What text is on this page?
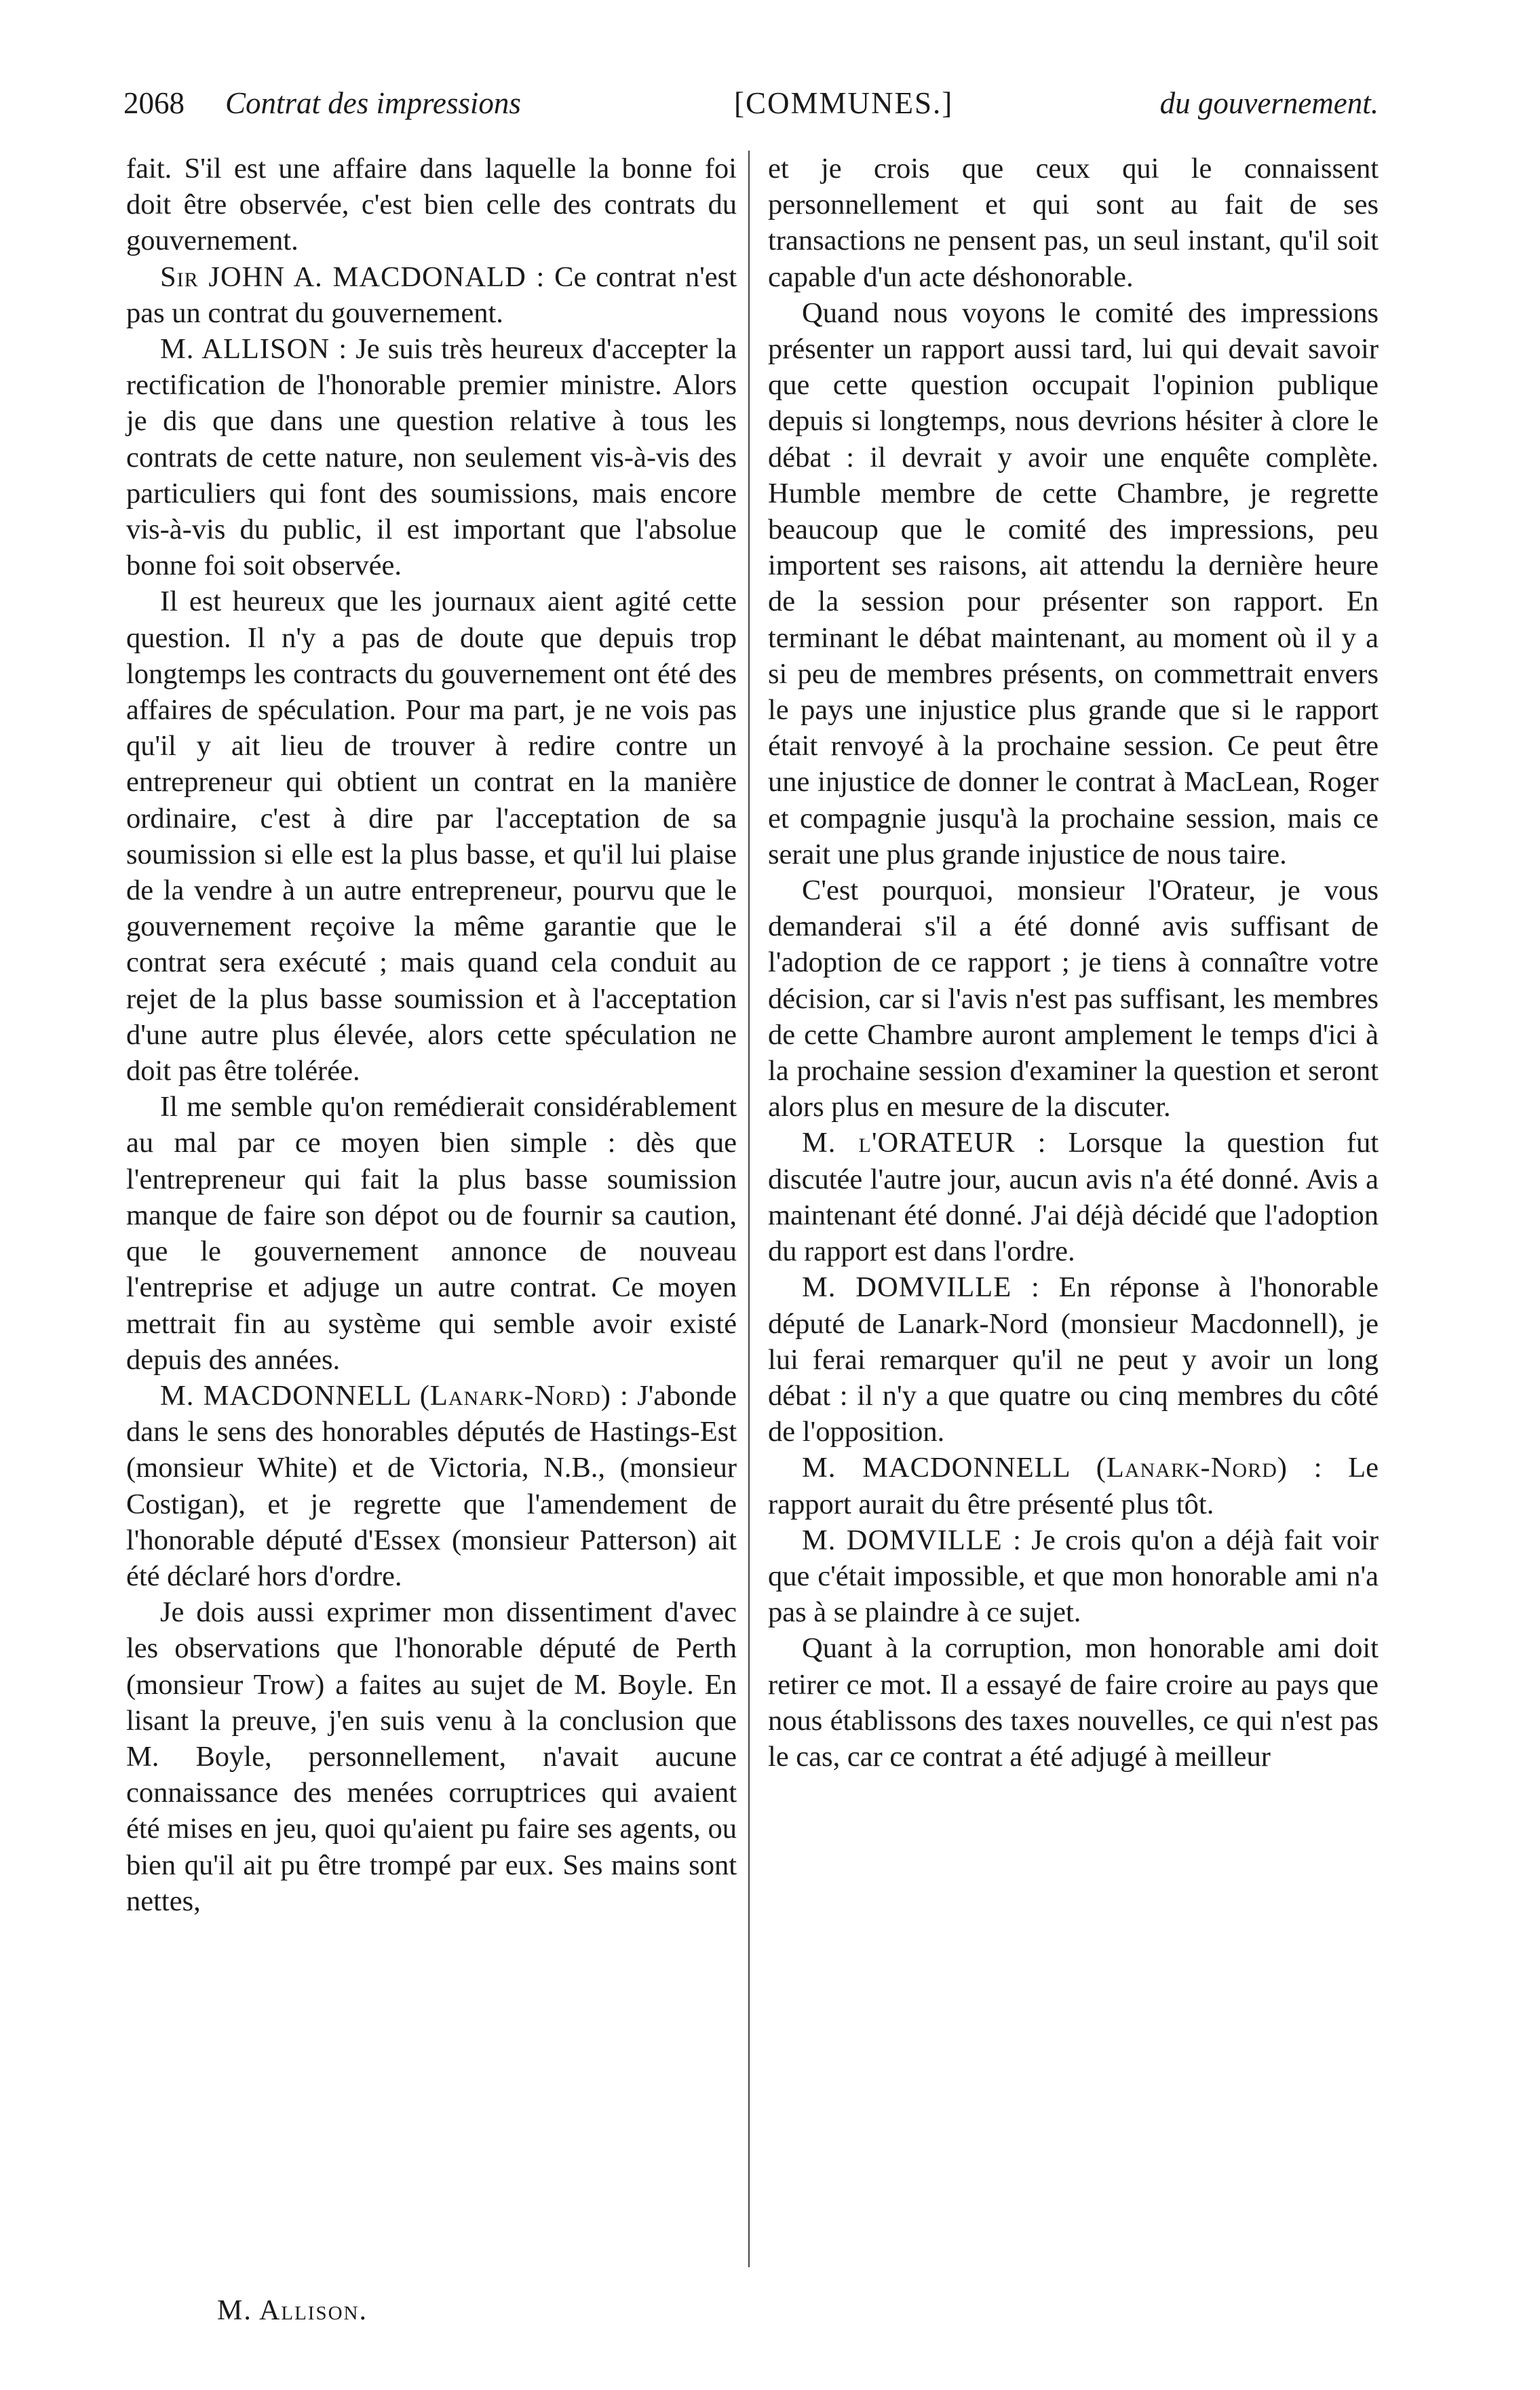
2068 Contrat des impressions	[COMMUNES.]	du gouvernement.

fait. S'il est une affaire dans laquelle la bonne foi doit être observée, c'est bien celle des contrats du gouvernement.

Sir JOHN A. MACDONALD : Ce contrat n'est pas un contrat du gouvernement.

M. ALLISON : Je suis très heureux d'accepter la rectification de l'honorable premier ministre. Alors je dis que dans une question relative à tous les contrats de cette nature, non seulement vis-à-vis des particuliers qui font des soumissions, mais encore vis-à-vis du public, il est important que l'absolue bonne foi soit observée.

Il est heureux que les journaux aient agité cette question. Il n'y a pas de doute que depuis trop longtemps les contracts du gouvernement ont été des affaires de spéculation. Pour ma part, je ne vois pas qu'il y ait lieu de trouver à redire contre un entrepreneur qui obtient un contrat en la manière ordinaire, c'est à dire par l'acceptation de sa soumission si elle est la plus basse, et qu'il lui plaise de la vendre à un autre entrepreneur, pourvu que le gouvernement reçoive la même garantie que le contrat sera exécuté ; mais quand cela conduit au rejet de la plus basse soumission et à l'acceptation d'une autre plus élevée, alors cette spéculation ne doit pas être tolérée.

Il me semble qu'on remédierait considérablement au mal par ce moyen bien simple : dès que l'entrepreneur qui fait la plus basse soumission manque de faire son dépot ou de fournir sa caution, que le gouvernement annonce de nouveau l'entreprise et adjuge un autre contrat. Ce moyen mettrait fin au système qui semble avoir existé depuis des années.

M. MACDONNELL (Lanark-Nord) : J'abonde dans le sens des honorables députés de Hastings-Est (monsieur White) et de Victoria, N.B., (monsieur Costigan), et je regrette que l'amendement de l'honorable député d'Essex (monsieur Patterson) ait été déclaré hors d'ordre.

Je dois aussi exprimer mon dissentiment d'avec les observations que l'honorable député de Perth (monsieur Trow) a faites au sujet de M. Boyle. En lisant la preuve, j'en suis venu à la conclusion que M. Boyle, personnellement, n'avait aucune connaissance des menées corruptrices qui avaient été mises en jeu, quoi qu'aient pu faire ses agents, ou bien qu'il ait pu être trompé par eux. Ses mains sont nettes,

et je crois que ceux qui le connaissent personnellement et qui sont au fait de ses transactions ne pensent pas, un seul instant, qu'il soit capable d'un acte déshonorable.

Quand nous voyons le comité des impressions présenter un rapport aussi tard, lui qui devait savoir que cette question occupait l'opinion publique depuis si longtemps, nous devrions hésiter à clore le débat : il devrait y avoir une enquête complète. Humble membre de cette Chambre, je regrette beaucoup que le comité des impressions, peu importent ses raisons, ait attendu la dernière heure de la session pour présenter son rapport. En terminant le débat maintenant, au moment où il y a si peu de membres présents, on commettrait envers le pays une injustice plus grande que si le rapport était renvoyé à la prochaine session. Ce peut être une injustice de donner le contrat à MacLean, Roger et compagnie jusqu'à la prochaine session, mais ce serait une plus grande injustice de nous taire.

C'est pourquoi, monsieur l'Orateur, je vous demanderai s'il a été donné avis suffisant de l'adoption de ce rapport ; je tiens à connaître votre décision, car si l'avis n'est pas suffisant, les membres de cette Chambre auront amplement le temps d'ici à la prochaine session d'examiner la question et seront alors plus en mesure de la discuter.

M. l'ORATEUR : Lorsque la question fut discutée l'autre jour, aucun avis n'a été donné. Avis a maintenant été donné. J'ai déjà décidé que l'adoption du rapport est dans l'ordre.

M. DOMVILLE : En réponse à l'honorable député de Lanark-Nord (monsieur Macdonnell), je lui ferai remarquer qu'il ne peut y avoir un long débat : il n'y a que quatre ou cinq membres du côté de l'opposition.

M. MACDONNELL (Lanark-Nord) : Le rapport aurait du être présenté plus tôt.

M. DOMVILLE : Je crois qu'on a déjà fait voir que c'était impossible, et que mon honorable ami n'a pas à se plaindre à ce sujet.

Quant à la corruption, mon honorable ami doit retirer ce mot. Il a essayé de faire croire au pays que nous établissons des taxes nouvelles, ce qui n'est pas le cas, car ce contrat a été adjugé à meilleur

M. Allison.
